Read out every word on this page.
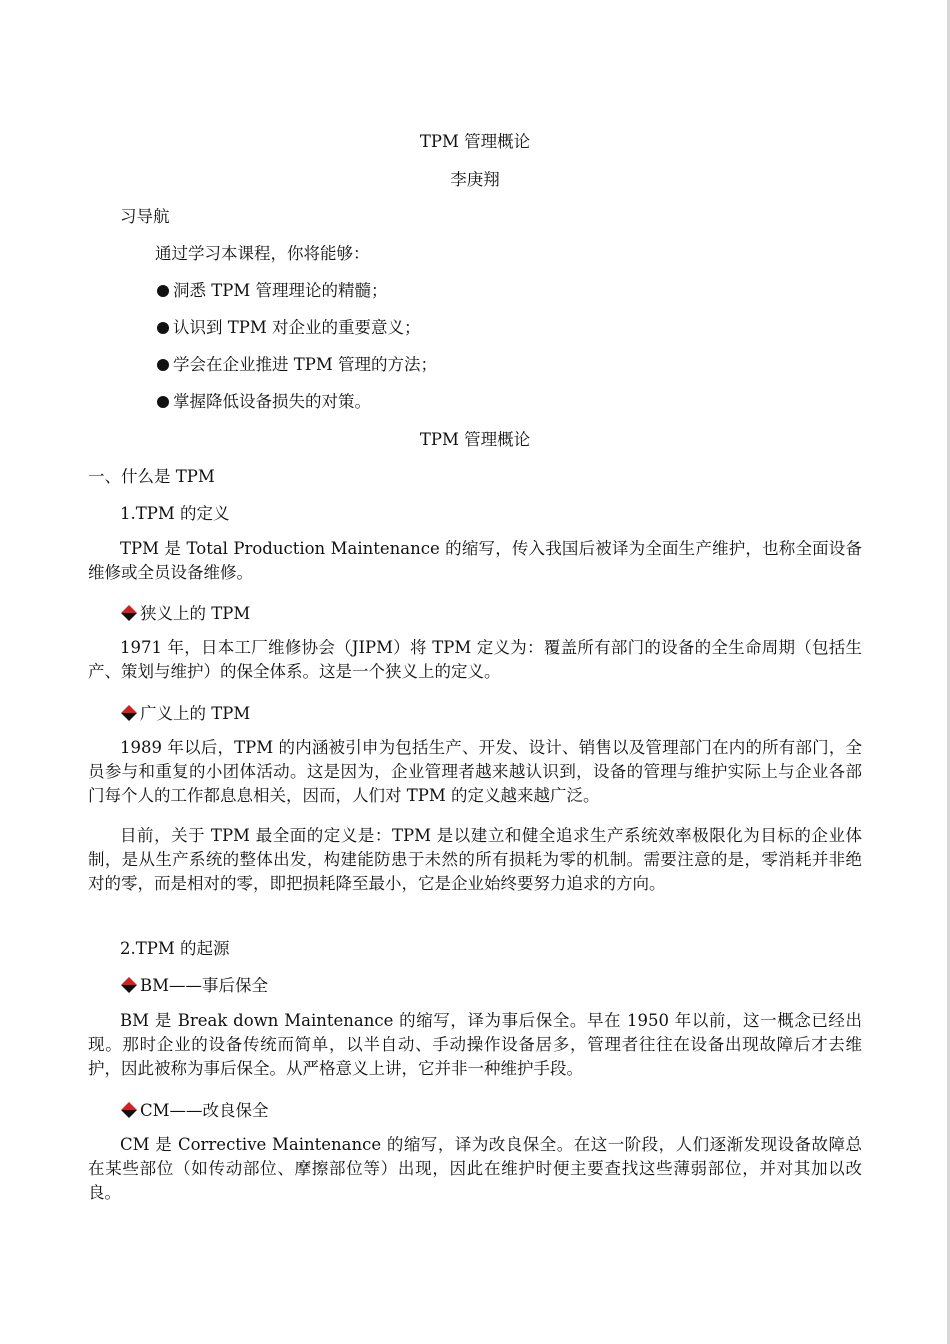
TPM 管理概论
李庚翔
习导航
通过学习本课程，你将能够：
洞悉 TPM 管理理论的精髓；
认识到 TPM 对企业的重要意义；
学会在企业推进 TPM 管理的方法；
掌握降低设备损失的对策。
TPM 管理概论
一、什么是 TPM
1.TPM 的定义
TPM 是 Total Production Maintenance 的缩写，传入我国后被译为全面生产维护，也称全面设备维修或全员设备维修。
狭义上的 TPM
1971 年，日本工厂维修协会（JIPM）将 TPM 定义为：覆盖所有部门的设备的全生命周期（包括生产、策划与维护）的保全体系。这是一个狭义上的定义。
广义上的 TPM
1989 年以后，TPM 的内涵被引申为包括生产、开发、设计、销售以及管理部门在内的所有部门，全员参与和重复的小团体活动。这是因为，企业管理者越来越认识到，设备的管理与维护实际上与企业各部门每个人的工作都息息相关，因而，人们对 TPM 的定义越来越广泛。
目前，关于 TPM 最全面的定义是：TPM 是以建立和健全追求生产系统效率极限化为目标的企业体制，是从生产系统的整体出发，构建能防患于未然的所有损耗为零的机制。需要注意的是，零消耗并非绝对的零，而是相对的零，即把损耗降至最小，它是企业始终要努力追求的方向。
2.TPM 的起源
BM——事后保全
BM 是 Break down Maintenance 的缩写，译为事后保全。早在 1950 年以前，这一概念已经出现。那时企业的设备传统而简单，以半自动、手动操作设备居多，管理者往往在设备出现故障后才去维护，因此被称为事后保全。从严格意义上讲，它并非一种维护手段。
CM——改良保全
CM 是 Corrective Maintenance 的缩写，译为改良保全。在这一阶段，人们逐渐发现设备故障总在某些部位（如传动部位、摩擦部位等）出现，因此在维护时便主要查找这些薄弱部位，并对其加以改良。
